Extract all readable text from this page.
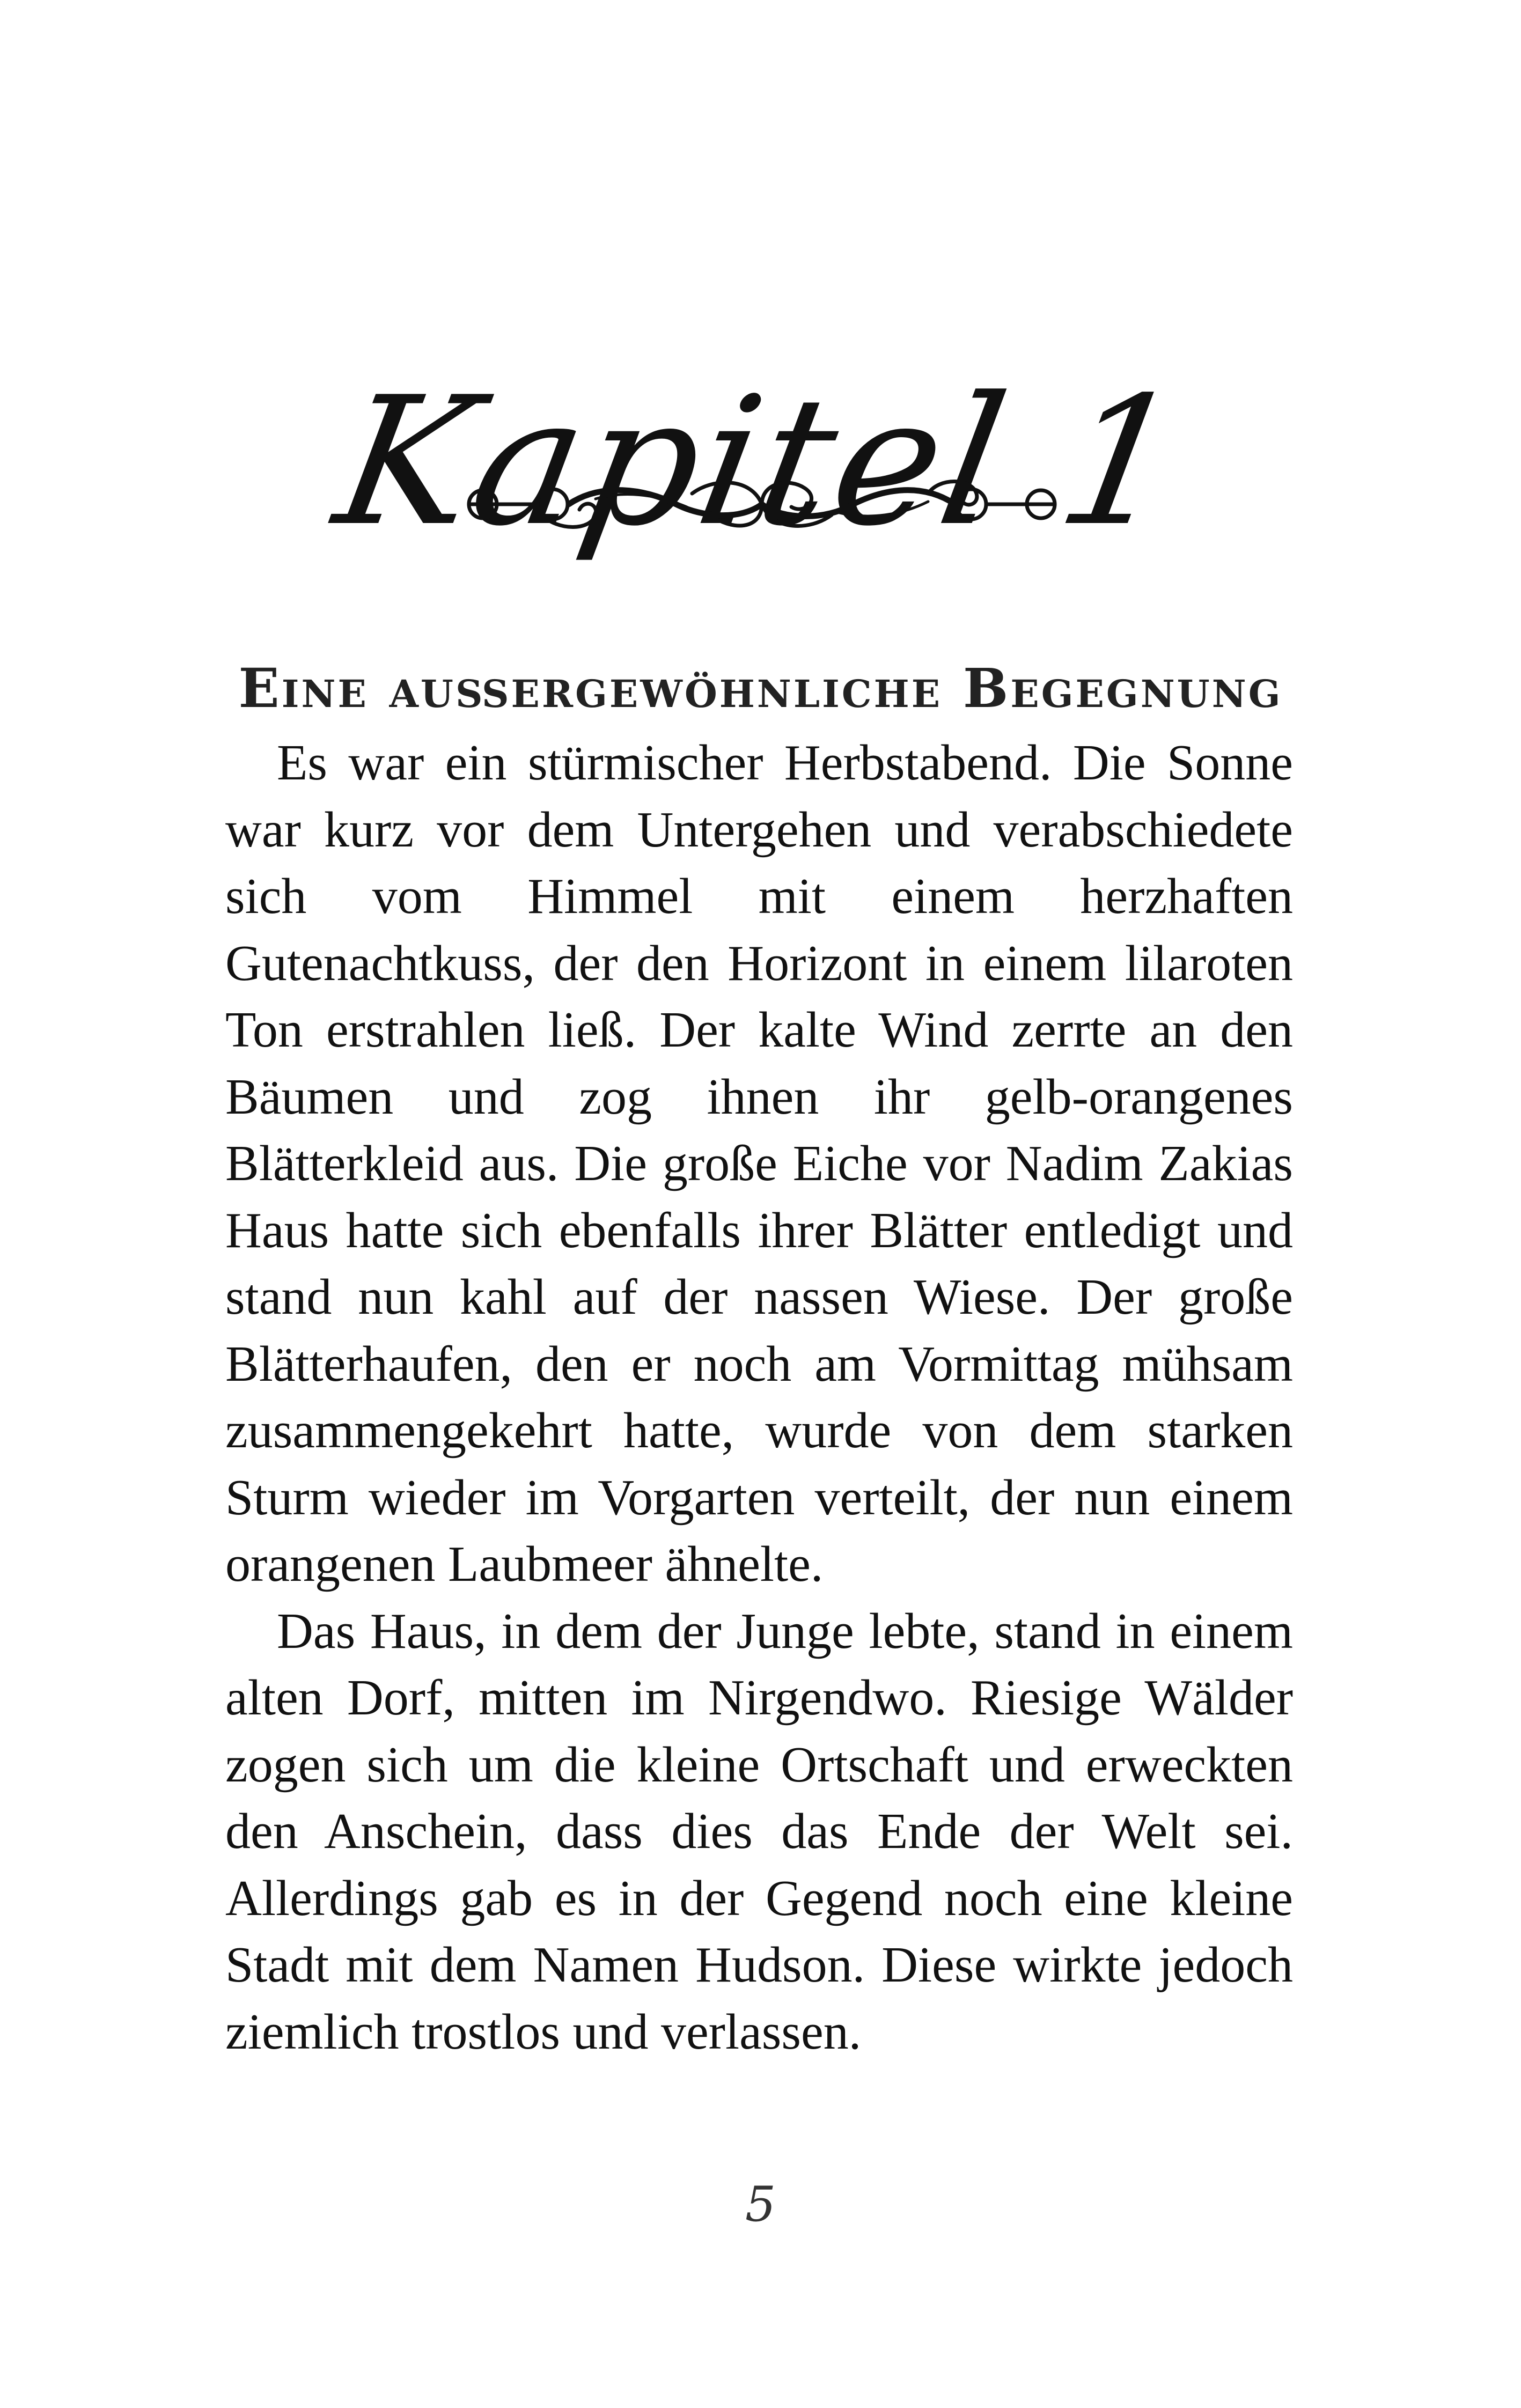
Kapitel 1
Eine außergewöhnliche Begegnung

Es war ein stürmischer Herbstabend. Die Sonne war kurz vor dem Untergehen und verabschiedete sich vom Himmel mit einem herzhaften Gutenachtkuss, der den Horizont in einem lilaroten Ton erstrahlen ließ. Der kalte Wind zerrte an den Bäumen und zog ihnen ihr gelb-orangenes Blätterkleid aus. Die große Eiche vor Nadim Zakias Haus hatte sich ebenfalls ihrer Blätter entledigt und stand nun kahl auf der nassen Wiese. Der große Blätterhaufen, den er noch am Vormittag mühsam zusammengekehrt hatte, wurde von dem starken Sturm wieder im Vorgarten verteilt, der nun einem orangenen Laubmeer ähnelte.

Das Haus, in dem der Junge lebte, stand in einem alten Dorf, mitten im Nirgendwo. Riesige Wälder zogen sich um die kleine Ortschaft und erweckten den Anschein, dass dies das Ende der Welt sei. Allerdings gab es in der Gegend noch eine kleine Stadt mit dem Namen Hudson. Diese wirkte jedoch ziemlich trostlos und verlassen.

5
